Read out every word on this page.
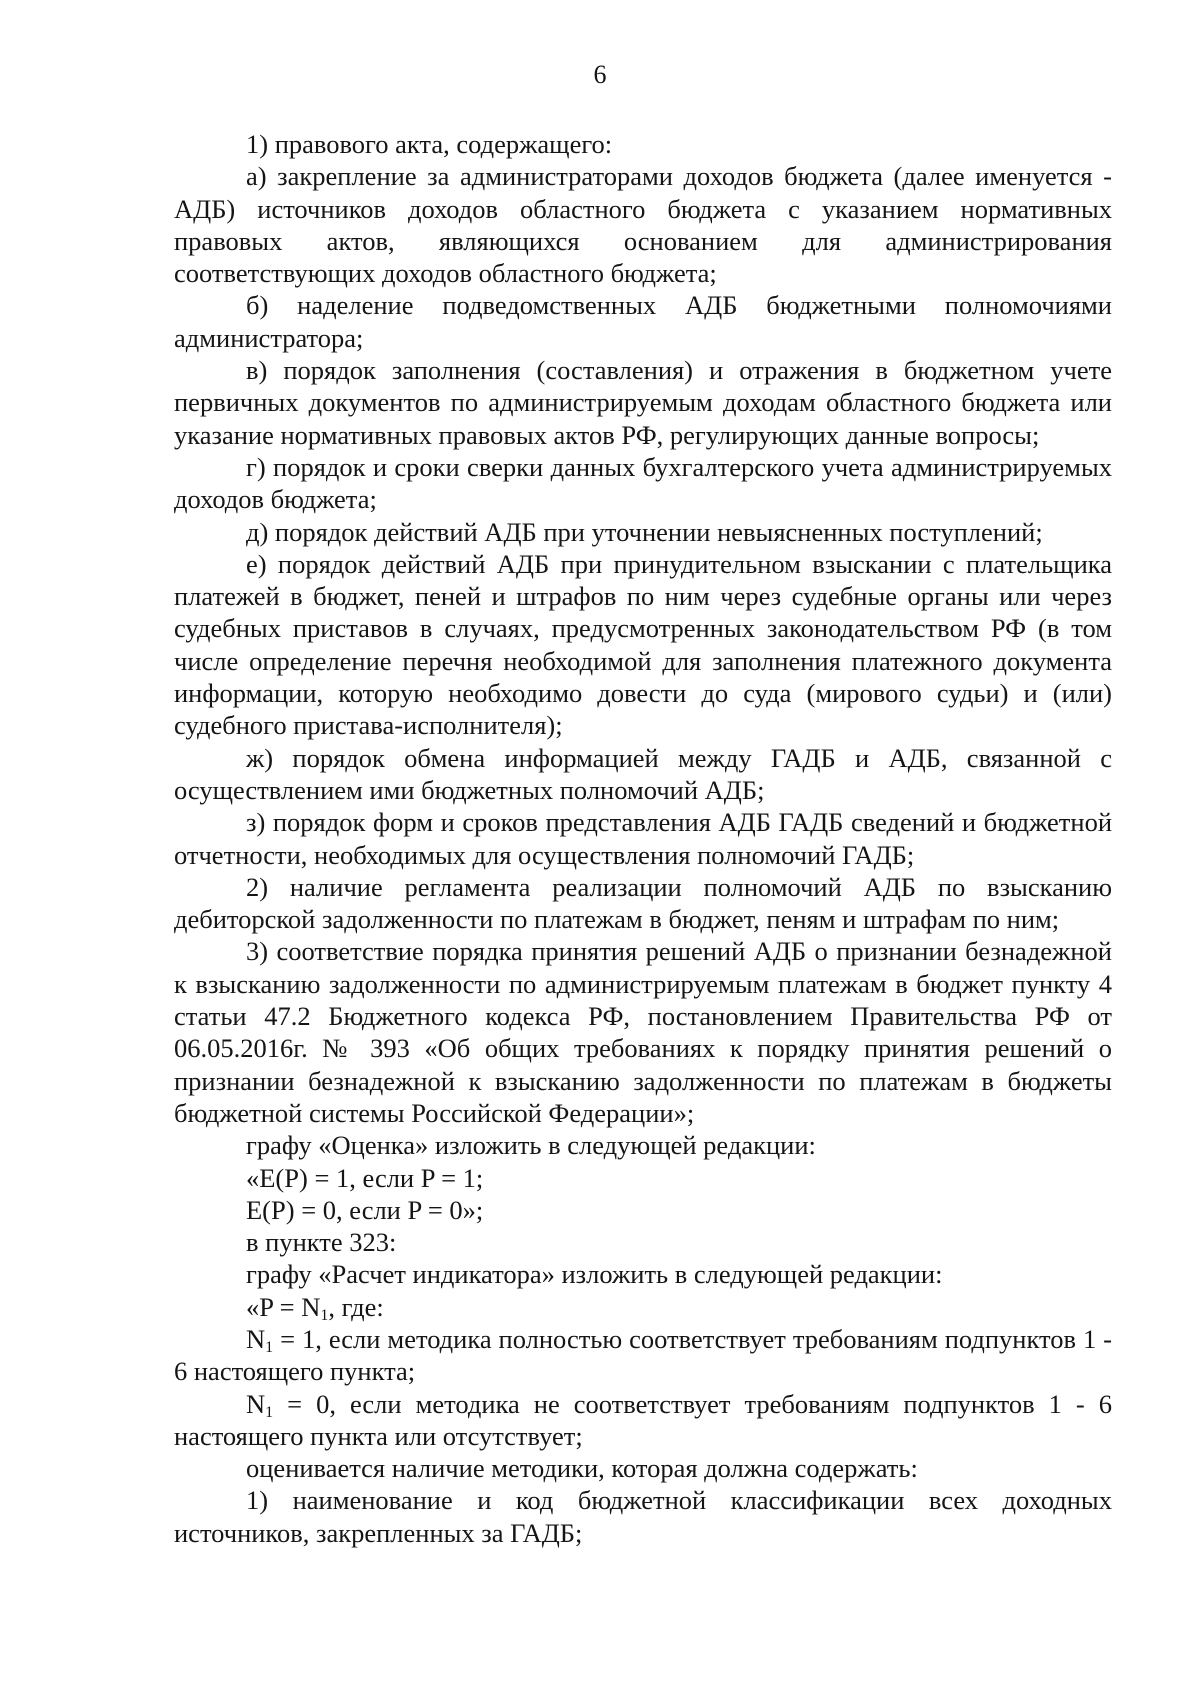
6

1) правового акта, содержащего:

а) закрепление за администраторами доходов бюджета (далее именуется - АДБ) источников доходов областного бюджета с указанием нормативных правовых актов, являющихся основанием для администрирования соответствующих доходов областного бюджета;

б) наделение подведомственных АДБ бюджетными полномочиями администратора;

в) порядок заполнения (составления) и отражения в бюджетном учете первичных документов по администрируемым доходам областного бюджета или указание нормативных правовых актов РФ, регулирующих данные вопросы;

г) порядок и сроки сверки данных бухгалтерского учета администрируемых доходов бюджета;

д) порядок действий АДБ при уточнении невыясненных поступлений;

е) порядок действий АДБ при принудительном взыскании с плательщика платежей в бюджет, пеней и штрафов по ним через судебные органы или через судебных приставов в случаях, предусмотренных законодательством РФ (в том числе определение перечня необходимой для заполнения платежного документа информации, которую необходимо довести до суда (мирового судьи) и (или) судебного пристава-исполнителя);

ж) порядок обмена информацией между ГАДБ и АДБ, связанной с осуществлением ими бюджетных полномочий АДБ;

з) порядок форм и сроков представления АДБ ГАДБ сведений и бюджетной отчетности, необходимых для осуществления полномочий ГАДБ;

2) наличие регламента реализации полномочий АДБ по взысканию дебиторской задолженности по платежам в бюджет, пеням и штрафам по ним;

3) соответствие порядка принятия решений АДБ о признании безнадежной к взысканию задолженности по администрируемым платежам в бюджет пункту 4 статьи 47.2 Бюджетного кодекса РФ, постановлением Правительства РФ от 06.05.2016г. № 393 «Об общих требованиях к порядку принятия решений о признании безнадежной к взысканию задолженности по платежам в бюджеты бюджетной системы Российской Федерации»;

графу «Оценка» изложить в следующей редакции:

«E(P) = 1, если P = 1;

E(P) = 0, если P = 0»;

в пункте 323:

графу «Расчет индикатора» изложить в следующей редакции:

«$P = N_1$, где:

$N_1 = 1$, если методика полностью соответствует требованиям подпунктов 1 - 6 настоящего пункта;

$N_1 = 0$, если методика не соответствует требованиям подпунктов 1 - 6 настоящего пункта или отсутствует;

оценивается наличие методики, которая должна содержать:

1) наименование и код бюджетной классификации всех доходных источников, закрепленных за ГАДБ;
